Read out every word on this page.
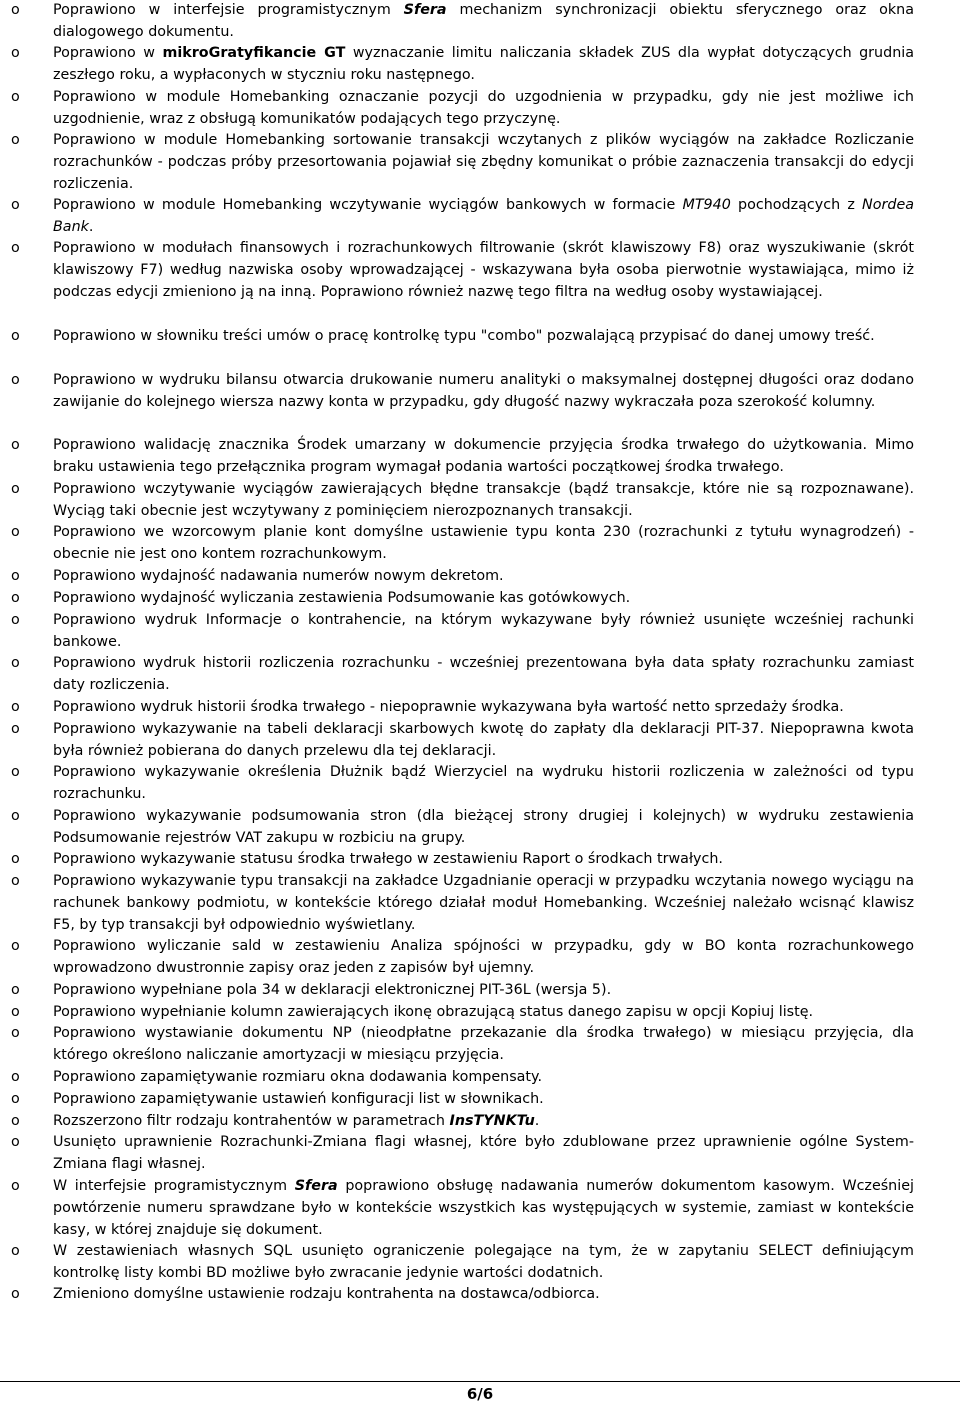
o Poprawiono w interfejsie programistycznym Sfera mechanizm synchronizacji obiektu sferycznego oraz okna dialogowego dokumentu.
o Poprawiono w mikroGratyfikancie GT wyznaczanie limitu naliczania składek ZUS dla wypłat dotyczących grudnia zeszłego roku, a wypłaconych w styczniu roku następnego.
o Poprawiono w module Homebanking oznaczanie pozycji do uzgodnienia w przypadku, gdy nie jest możliwe ich uzgodnienie, wraz z obsługą komunikatów podających tego przyczynę.
o Poprawiono w module Homebanking sortowanie transakcji wczytanych z plików wyciągów na zakładce Rozliczanie rozrachunków - podczas próby przesortowania pojawiał się zbędny komunikat o próbie zaznaczenia transakcji do edycji rozliczenia.
o Poprawiono w module Homebanking wczytywanie wyciągów bankowych w formacie MT940 pochodzących z Nordea Bank.
o Poprawiono w modułach finansowych i rozrachunkowych filtrowanie (skrót klawiszowy F8) oraz wyszukiwanie (skrót klawiszowy F7) według nazwiska osoby wprowadzającej - wskazywana była osoba pierwotnie wystawiająca, mimo iż podczas edycji zmieniono ją na inną. Poprawiono również nazwę tego filtra na według osoby wystawiającej.
o Poprawiono w słowniku treści umów o pracę kontrolkę typu "combo" pozwalającą przypisać do danej umowy treść.
o Poprawiono w wydruku bilansu otwarcia drukowanie numeru analityki o maksymalnej dostępnej długości oraz dodano zawijanie do kolejnego wiersza nazwy konta w przypadku, gdy długość nazwy wykraczała poza szerokość kolumny.
o Poprawiono walidację znacznika Środek umarzany w dokumencie przyjęcia środka trwałego do użytkowania. Mimo braku ustawienia tego przełącznika program wymagał podania wartości początkowej środka trwałego.
o Poprawiono wczytywanie wyciągów zawierających błędne transakcje (bądź transakcje, które nie są rozpoznawane). Wyciąg taki obecnie jest wczytywany z pominięciem nierozpoznanych transakcji.
o Poprawiono we wzorcowym planie kont domyślne ustawienie typu konta 230 (rozrachunki z tytułu wynagrodzeń) - obecnie nie jest ono kontem rozrachunkowym.
o Poprawiono wydajność nadawania numerów nowym dekretom.
o Poprawiono wydajność wyliczania zestawienia Podsumowanie kas gotówkowych.
o Poprawiono wydruk Informacje o kontrahencie, na którym wykazywane były również usunięte wcześniej rachunki bankowe.
o Poprawiono wydruk historii rozliczenia rozrachunku - wcześniej prezentowana była data spłaty rozrachunku zamiast daty rozliczenia.
o Poprawiono wydruk historii środka trwałego - niepoprawnie wykazywana była wartość netto sprzedaży środka.
o Poprawiono wykazywanie na tabeli deklaracji skarbowych kwotę do zapłaty dla deklaracji PIT-37. Niepoprawna kwota była również pobierana do danych przelewu dla tej deklaracji.
o Poprawiono wykazywanie określenia Dłużnik bądź Wierzyciel na wydruku historii rozliczenia w zależności od typu rozrachunku.
o Poprawiono wykazywanie podsumowania stron (dla bieżącej strony drugiej i kolejnych) w wydruku zestawienia Podsumowanie rejestrów VAT zakupu w rozbiciu na grupy.
o Poprawiono wykazywanie statusu środka trwałego w zestawieniu Raport o środkach trwałych.
o Poprawiono wykazywanie typu transakcji na zakładce Uzgadnianie operacji w przypadku wczytania nowego wyciągu na rachunek bankowy podmiotu, w kontekście którego działał moduł Homebanking. Wcześniej należało wcisnąć klawisz F5, by typ transakcji był odpowiednio wyświetlany.
o Poprawiono wyliczanie sald w zestawieniu Analiza spójności w przypadku, gdy w BO konta rozrachunkowego wprowadzono dwustronnie zapisy oraz jeden z zapisów był ujemny.
o Poprawiono wypełniane pola 34 w deklaracji elektronicznej PIT-36L (wersja 5).
o Poprawiono wypełnianie kolumn zawierających ikonę obrazującą status danego zapisu w opcji Kopiuj listę.
o Poprawiono wystawianie dokumentu NP (nieodpłatne przekazanie dla środka trwałego) w miesiącu przyjęcia, dla którego określono naliczanie amortyzacji w miesiącu przyjęcia.
o Poprawiono zapamiętywanie rozmiaru okna dodawania kompensaty.
o Poprawiono zapamiętywanie ustawień konfiguracji list w słownikach.
o Rozszerzono filtr rodzaju kontrahentów w parametrach InsTYNKTu.
o Usunięto uprawnienie Rozrachunki-Zmiana flagi własnej, które było zdublowane przez uprawnienie ogólne System-Zmiana flagi własnej.
o W interfejsie programistycznym Sfera poprawiono obsługę nadawania numerów dokumentom kasowym. Wcześniej powtórzenie numeru sprawdzane było w kontekście wszystkich kas występujących w systemie, zamiast w kontekście kasy, w której znajduje się dokument.
o W zestawieniach własnych SQL usunięto ograniczenie polegające na tym, że w zapytaniu SELECT definiującym kontrolkę listy kombi BD możliwe było zwracanie jedynie wartości dodatnich.
o Zmieniono domyślne ustawienie rodzaju kontrahenta na dostawca/odbiorca.
6/6
